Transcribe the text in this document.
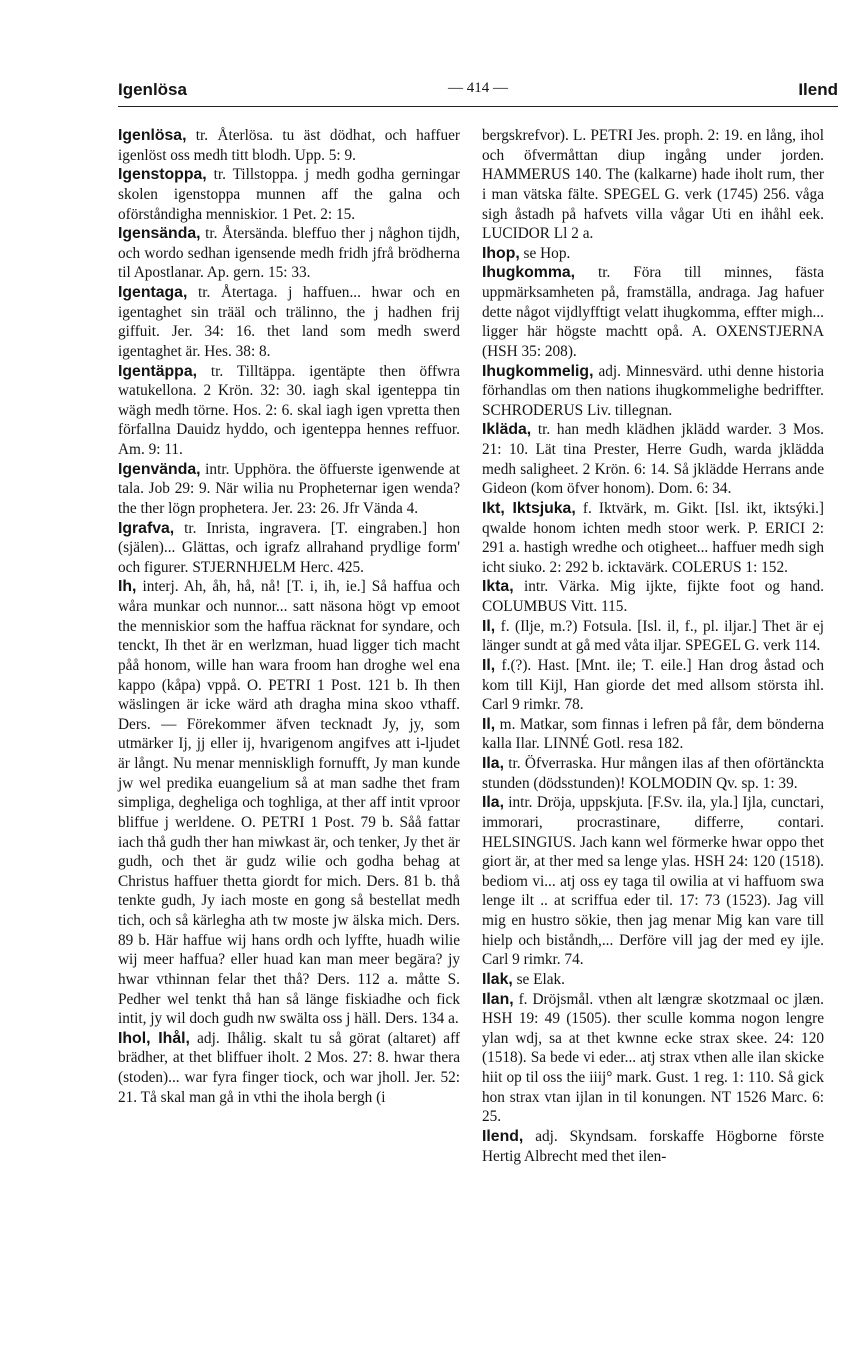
Igenlösa	— 414 —	Ilend
Igenlösa, tr. Återlösa. tu äst dödhat, och haffuer igenlöst oss medh titt blodh. Upp. 5: 9.
Igenstoppa, tr. Tillstoppa. j medh godha gerningar skolen igenstoppa munnen aff the galna och oförståndigha menniskior. 1 Pet. 2: 15.
Igensända, tr. Återsända. bleffuo ther j någhon tijdh, och wordo sedhan igensende medh fridh jfrå brödherna til Apostlanar. Ap. gern. 15: 33.
Igentaga, tr. Återtaga. j haffuen... hwar och en igentaghet sin trääl och trälinno, the j hadhen frij giffuit. Jer. 34: 16. thet land som medh swerd igentaghet är. Hes. 38: 8.
Igentäppa, tr. Tilltäppa. igentäpte then öffwra watukellona. 2 Krön. 32: 30. iagh skal igenteppa tin wägh medh törne. Hos. 2: 6. skal iagh igen vpretta then förfallna Dauidz hyddo, och igenteppa hennes reffuor. Am. 9: 11.
Igenvända, intr. Upphöra. the öffuerste igenwende at tala. Job 29: 9. När wilia nu Propheternar igen wenda? the ther lögn prophetera. Jer. 23: 26. Jfr Vända 4.
Igrafva, tr. Inrista, ingravera. [T. eingraben.] hon (själen)... Glättas, och igrafz allrahand prydlige form' och figurer. STJERNHJELM Herc. 425.
Ih, interj. Ah, åh, hå, nå! [T. i, ih, ie.] Så haffua och wåra munkar och nunnor... satt näsona högt vp emoot the menniskior som the haffua räcknat for syndare, och tenckt, Ih thet är en werlzman, huad ligger tich macht påå honom, wille han wara froom han droghe wel ena kappo (kåpa) vppå. O. PETRI 1 Post. 121 b. Ih then wäslingen är icke wärd ath dragha mina skoo vthaff. Ders. — Förekommer äfven tecknadt Jy, jy, som utmärker Ij, jj eller ij, hvarigenom angifves att i-ljudet är långt. Nu menar menniskligh fornufft, Jy man kunde jw wel predika euangelium så at man sadhe thet fram simpliga, degheliga och toghliga, at ther aff intit vproor bliffue j werldene. O. PETRI 1 Post. 79 b. Såå fattar iach thå gudh ther han miwkast är, och tenker, Jy thet är gudh, och thet är gudz wilie och godha behag at Christus haffuer thetta giordt for mich. Ders. 81 b. thå tenkte gudh, Jy iach moste en gong så bestellat medh tich, och så kärlegha ath tw moste jw älska mich. Ders. 89 b. Här haffue wij hans ordh och lyffte, huadh wilie wij meer haffua? eller huad kan man meer begära? jy hwar vthinnan felar thet thå? Ders. 112 a. måtte S. Pedher wel tenkt thå han så länge fiskiadhe och fick intit, jy wil doch gudh nw swälta oss j häll. Ders. 134 a.
Ihol, Ihål, adj. Ihålig. skalt tu så görat (altaret) aff brädher, at thet bliffuer iholt. 2 Mos. 27: 8. hwar thera (stoden)... war fyra finger tiock, och war jholl. Jer. 52: 21. Tå skal man gå in vthi the ihola bergh (i
bergskrefvor). L. PETRI Jes. proph. 2: 19. en lång, ihol och öfvermåttan diup ingång under jorden. HAMMERUS 140. The (kalkarne) hade iholt rum, ther i man vätska fälte. SPEGEL G. verk (1745) 256. våga sigh åstadh på hafvets villa vågar Uti en ihåhl eek. LUCIDOR Ll 2 a.
Ihop, se Hop.
Ihugkomma, tr. Föra till minnes, fästa uppmärksamheten på, framställa, andraga. Jag hafuer dette något vijdlyfftigt velatt ihugkomma, effter migh... ligger här högste machtt opå. A. OXENSTJERNA (HSH 35: 208).
Ihugkommelig, adj. Minnesvärd. uthi denne historia förhandlas om then nations ihugkommelighe bedriffter. SCHRODERUS Liv. tillegnan.
Ikläda, tr. han medh klädhen jklädd warder. 3 Mos. 21: 10. Lät tina Prester, Herre Gudh, warda jklädda medh saligheet. 2 Krön. 6: 14. Så jklädde Herrans ande Gideon (kom öfver honom). Dom. 6: 34.
Ikt, Iktsjuka, f. Iktvärk, m. Gikt. [Isl. ikt, iktsýki.] qwalde honom ichten medh stoor werk. P. ERICI 2: 291 a. hastigh wredhe och otigheet... haffuer medh sigh icht siuko. 2: 292 b. icktavärk. COLERUS 1: 152.
Ikta, intr. Värka. Mig ijkte, fijkte foot og hand. COLUMBUS Vitt. 115.
Il, f. (Ilje, m.?) Fotsula. [Isl. il, f., pl. iljar.] Thet är ej länger sundt at gå med våta iljar. SPEGEL G. verk 114.
Il, f.(?). Hast. [Mnt. ile; T. eile.] Han drog åstad och kom till Kijl, Han giorde det med allsom största ihl. Carl 9 rimkr. 78.
Il, m. Matkar, som finnas i lefren på får, dem bönderna kalla Ilar. LINNÉ Gotl. resa 182.
Ila, tr. Öfverraska. Hur mången ilas af then oförtänckta stunden (dödsstunden)! KOLMODIN Qv. sp. 1: 39.
Ila, intr. Dröja, uppskjuta. [F.Sv. ila, yla.] Ijla, cunctari, immorari, procrastinare, differre, contari. HELSINGIUS. Jach kann wel förmerke hwar oppo thet giort är, at ther med sa lenge ylas. HSH 24: 120 (1518). bediom vi... atj oss ey taga til owilia at vi haffuom swa lenge ilt .. at scriffua eder til. 17: 73 (1523). Jag vill mig en hustro sökie, then jag menar Mig kan vare till hielp och biståndh,... Derföre vill jag der med ey ijle. Carl 9 rimkr. 74.
Ilak, se Elak.
Ilan, f. Dröjsmål. vthen alt længræ skotzmaal oc jlæn. HSH 19: 49 (1505). ther sculle komma nogon lengre ylan wdj, sa at thet kwnne ecke strax skee. 24: 120 (1518). Sa bede vi eder... atj strax vthen alle ilan skicke hiit op til oss the iiij° mark. Gust. 1 reg. 1: 110. Så gick hon strax vtan ijlan in til konungen. NT 1526 Marc. 6: 25.
Ilend, adj. Skyndsam. forskaffe Högborne förste Hertig Albrecht med thet ilen-
